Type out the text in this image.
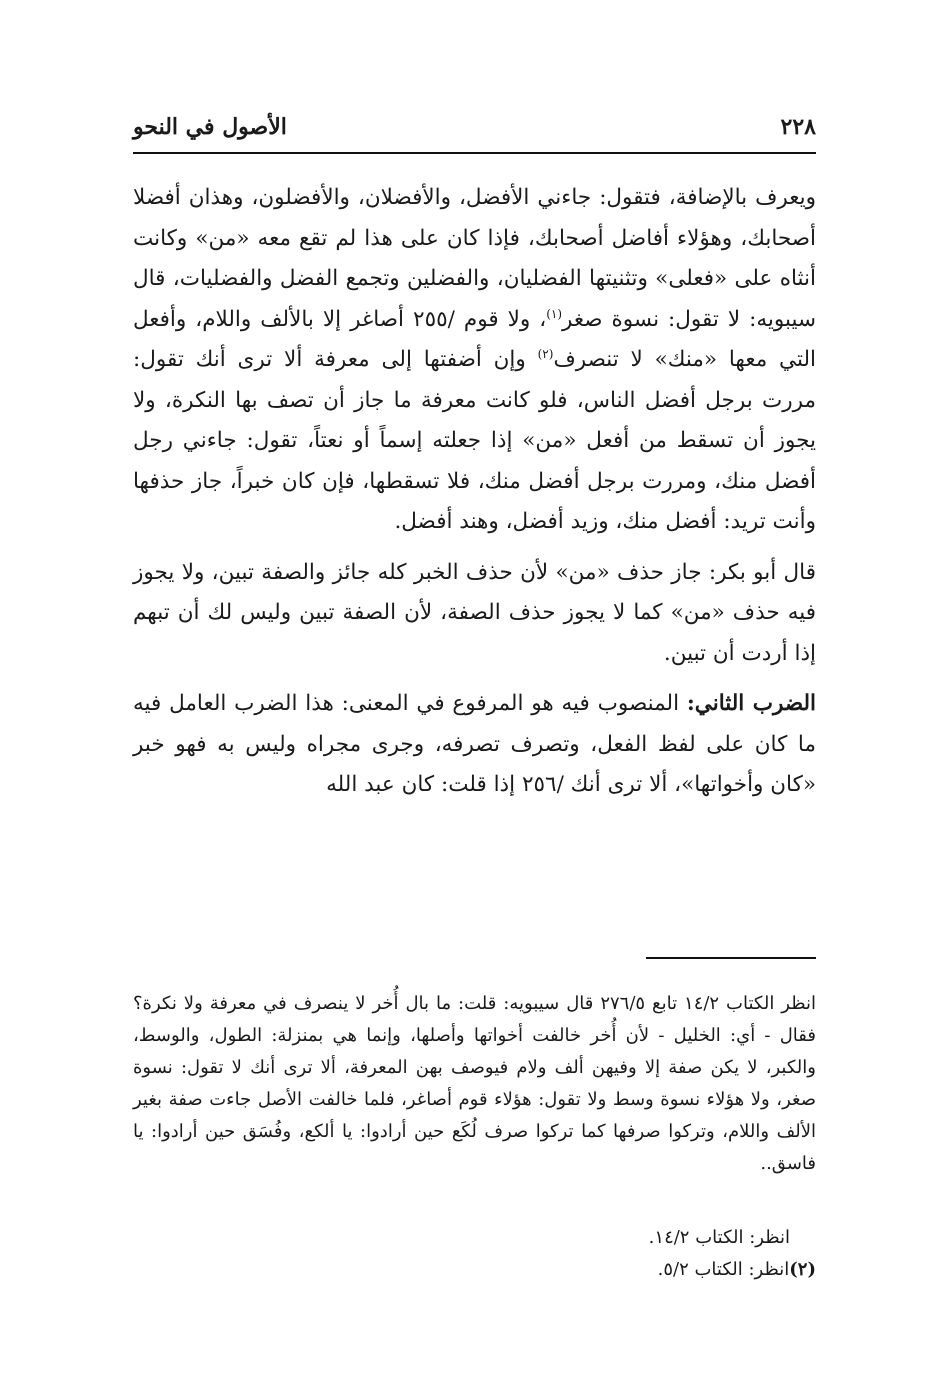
٢٢٨
الأصول في النحو

ويعرف بالإضافة، فتقول: جاءني الأفضل، والأفضلان، والأفضلون، وهذان أفضلا أصحابك، وهؤلاء أفاضل أصحابك، فإذا كان على هذا لم تقع معه «من» وكانت أنثاه على «فعلى» وتثنيتها الفضليان، والفضلين وتجمع الفضل والفضليات، قال سيبويه: لا تقول: نسوة صغر$^{(١)}$، ولا قوم /٢٥٥ أصاغر إلا بالألف واللام، وأفعل التي معها «منك» لا تنصرف$^{(٢)}$ وإن أضفتها إلى معرفة ألا ترى أنك تقول: مررت برجل أفضل الناس، فلو كانت معرفة ما جاز أن تصف بها النكرة، ولا يجوز أن تسقط من أفعل «من» إذا جعلته إسماً أو نعتاً، تقول: جاءني رجل أفضل منك، ومررت برجل أفضل منك، فلا تسقطها، فإن كان خبراً، جاز حذفها وأنت تريد: أفضل منك، وزيد أفضل، وهند أفضل.

قال أبو بكر: جاز حذف «من» لأن حذف الخبر كله جائز والصفة تبين، ولا يجوز فيه حذف «من» كما لا يجوز حذف الصفة، لأن الصفة تبين وليس لك أن تبهم إذا أردت أن تبين.

الضرب الثاني: المنصوب فيه هو المرفوع في المعنى: هذا الضرب العامل فيه ما كان على لفظ الفعل، وتصرف تصرفه، وجرى مجراه وليس به فهو خبر «كان وأخواتها»، ألا ترى أنك /٢٥٦ إذا قلت: كان عبد الله

انظر الكتاب ١٤/٢ تابع ٢٧٦/٥ قال سيبويه: قلت: ما بال أُخر لا ينصرف في معرفة ولا نكرة؟ فقال - أي: الخليل - لأن أُخر خالفت أخواتها وأصلها، وإنما هي بمنزلة: الطول، والوسط، والكبر، لا يكن صفة إلا وفيهن ألف ولام فيوصف بهن المعرفة، ألا ترى أنك لا تقول: نسوة صغر، ولا هؤلاء نسوة وسط ولا تقول: هؤلاء قوم أصاغر، فلما خالفت الأصل جاءت صفة بغير الألف واللام، وتركوا صرفها كما تركوا صرف لُكَع حين أرادوا: يا ألكع، وفُسَق حين أرادوا: يا فاسق..

انظر: الكتاب ١٤/٢.

(٢)انظر: الكتاب ٥/٢.
